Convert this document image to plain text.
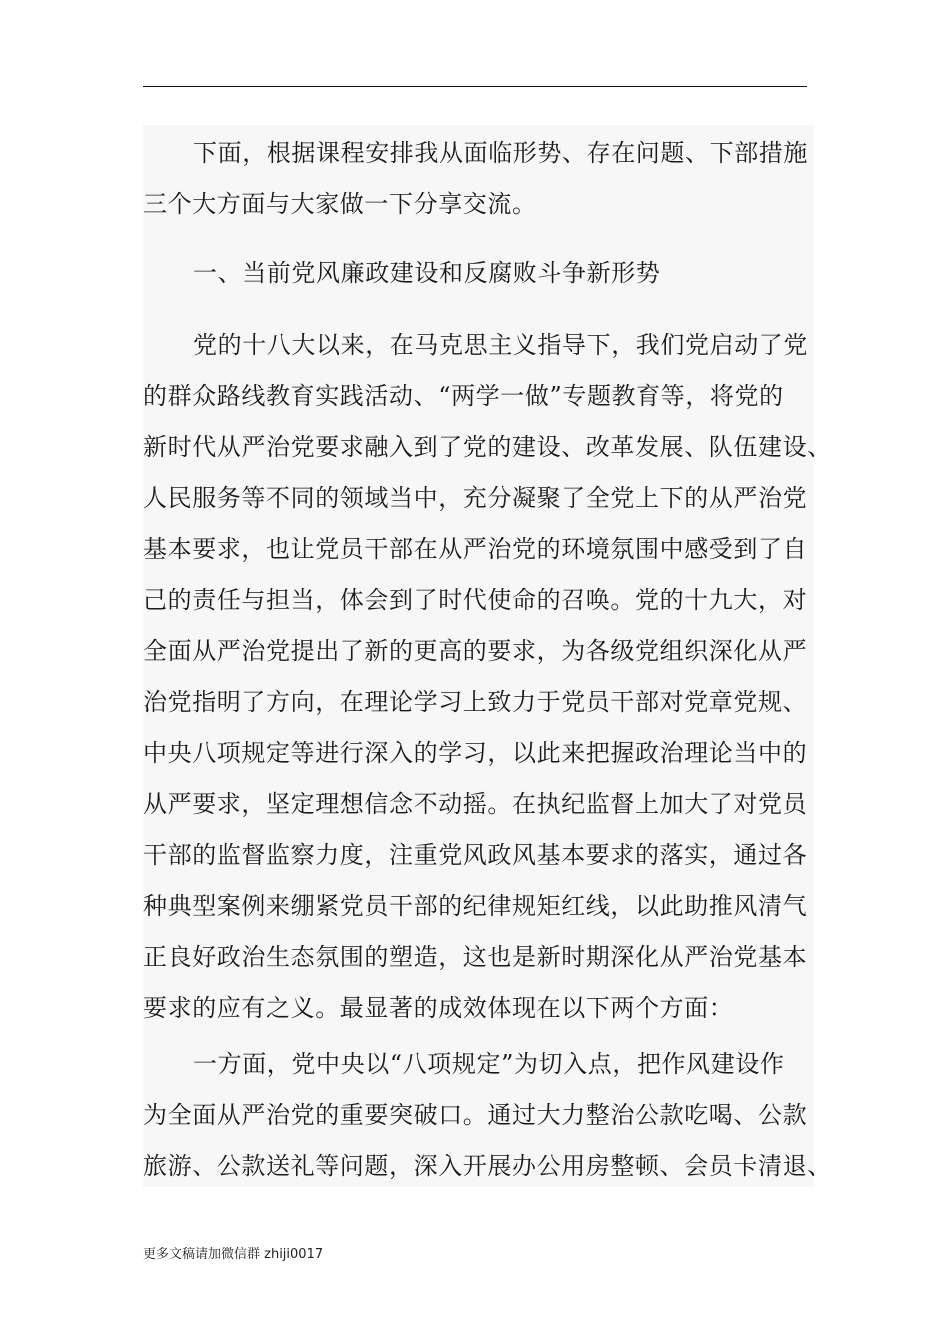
下面，根据课程安排我从面临形势、存在问题、下部措施
三个大方面与大家做一下分享交流。

一、当前党风廉政建设和反腐败斗争新形势

党的十八大以来，在马克思主义指导下，我们党启动了党
的群众路线教育实践活动、“两学一做”专题教育等，将党的
新时代从严治党要求融入到了党的建设、改革发展、队伍建设、
人民服务等不同的领域当中，充分凝聚了全党上下的从严治党
基本要求，也让党员干部在从严治党的环境氛围中感受到了自
己的责任与担当，体会到了时代使命的召唤。党的十九大，对
全面从严治党提出了新的更高的要求，为各级党组织深化从严
治党指明了方向，在理论学习上致力于党员干部对党章党规、
中央八项规定等进行深入的学习，以此来把握政治理论当中的
从严要求，坚定理想信念不动摇。在执纪监督上加大了对党员
干部的监督监察力度，注重党风政风基本要求的落实，通过各
种典型案例来绷紧党员干部的纪律规矩红线，以此助推风清气
正良好政治生态氛围的塑造，这也是新时期深化从严治党基本
要求的应有之义。最显著的成效体现在以下两个方面：

一方面，党中央以“八项规定”为切入点，把作风建设作
为全面从严治党的重要突破口。通过大力整治公款吃喝、公款
旅游、公款送礼等问题，深入开展办公用房整顿、会员卡清退、

更多文稿请加微信群 zhiji0017
